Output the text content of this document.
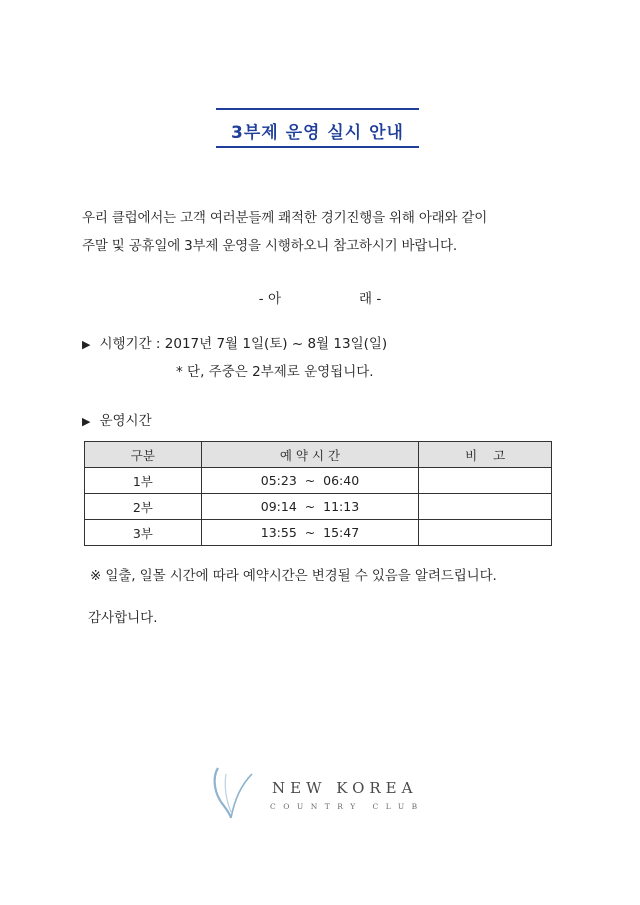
3부제 운영 실시 안내
우리 클럽에서는 고객 여러분들께 쾌적한 경기진행을 위해 아래와 같이
주말 및 공휴일에 3부제 운영을 시행하오니 참고하시기 바랍니다.
- 아	래 -
▶ 시행기간 : 2017년 7월 1일(토) ~ 8월 13일(일)
* 단, 주중은 2부제로 운영됩니다.
▶ 운영시간
구분	예 약 시 간	비    고
1부	05:23  ~  06:40	
2부	09:14  ~  11:13	
3부	13:55  ~  15:47	
※ 일출, 일몰 시간에 따라 예약시간은 변경될 수 있음을 알려드립니다.
감사합니다.
NEW KOREA
COUNTRY CLUB
